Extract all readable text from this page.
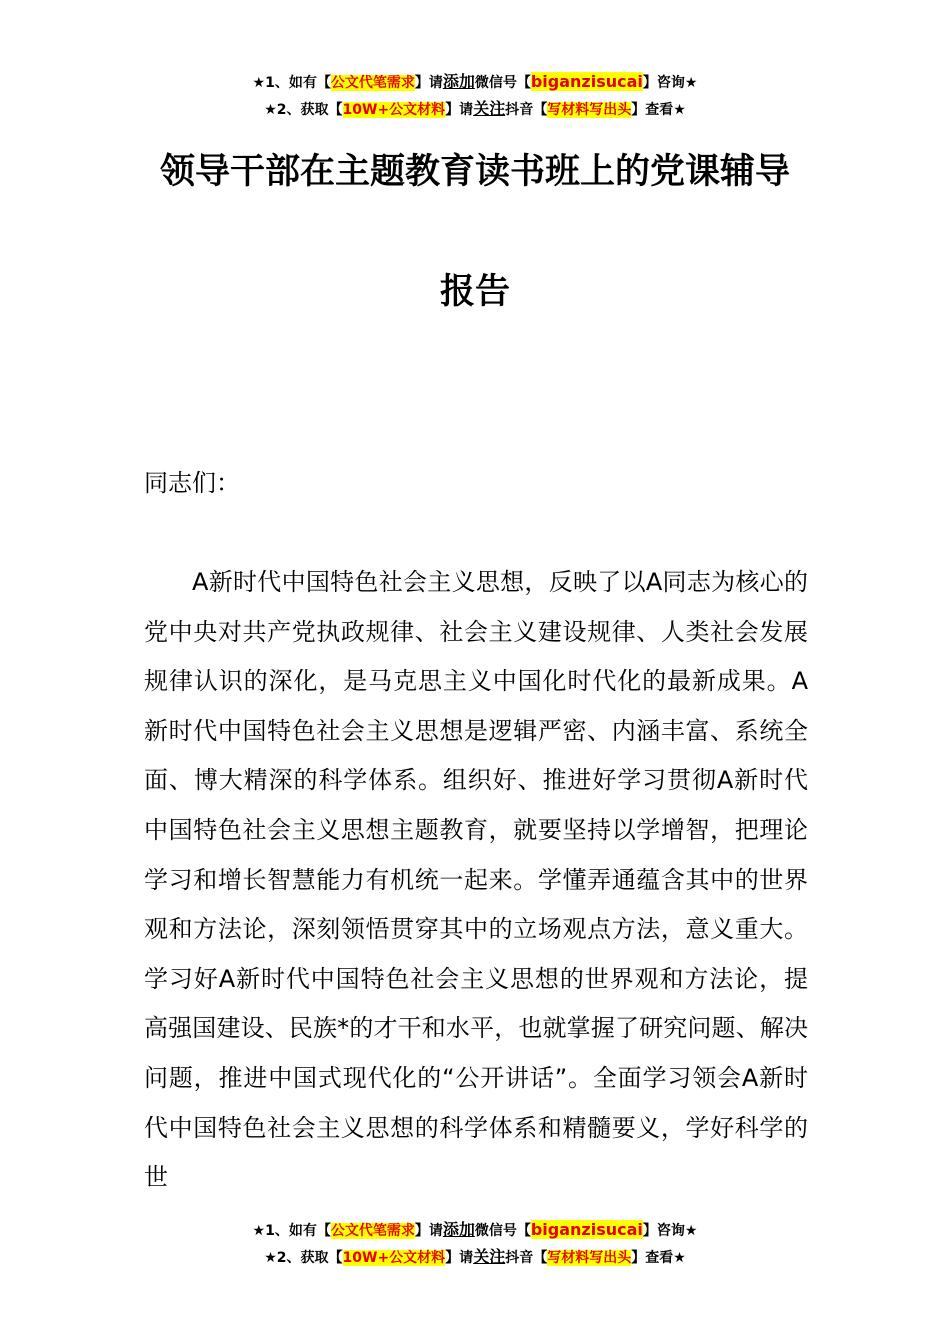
★1、如有【公文代笔需求】请添加微信号【biganzisucai】咨询★
★2、获取【10W+公文材料】请关注抖音【写材料写出头】查看★
领导干部在主题教育读书班上的党课辅导
报告
同志们：

A新时代中国特色社会主义思想，反映了以A同志为核心的党中央对共产党执政规律、社会主义建设规律、人类社会发展规律认识的深化，是马克思主义中国化时代化的最新成果。A新时代中国特色社会主义思想是逻辑严密、内涵丰富、系统全面、博大精深的科学体系。组织好、推进好学习贯彻A新时代中国特色社会主义思想主题教育，就要坚持以学增智，把理论学习和增长智慧能力有机统一起来。学懂弄通蕴含其中的世界观和方法论，深刻领悟贯穿其中的立场观点方法，意义重大。学习好A新时代中国特色社会主义思想的世界观和方法论，提高强国建设、民族*的才干和水平，也就掌握了研究问题、解决问题，推进中国式现代化的“公开讲话”。全面学习领会A新时代中国特色社会主义思想的科学体系和精髓要义，学好科学的世

★1、如有【公文代笔需求】请添加微信号【biganzisucai】咨询★
★2、获取【10W+公文材料】请关注抖音【写材料写出头】查看★
